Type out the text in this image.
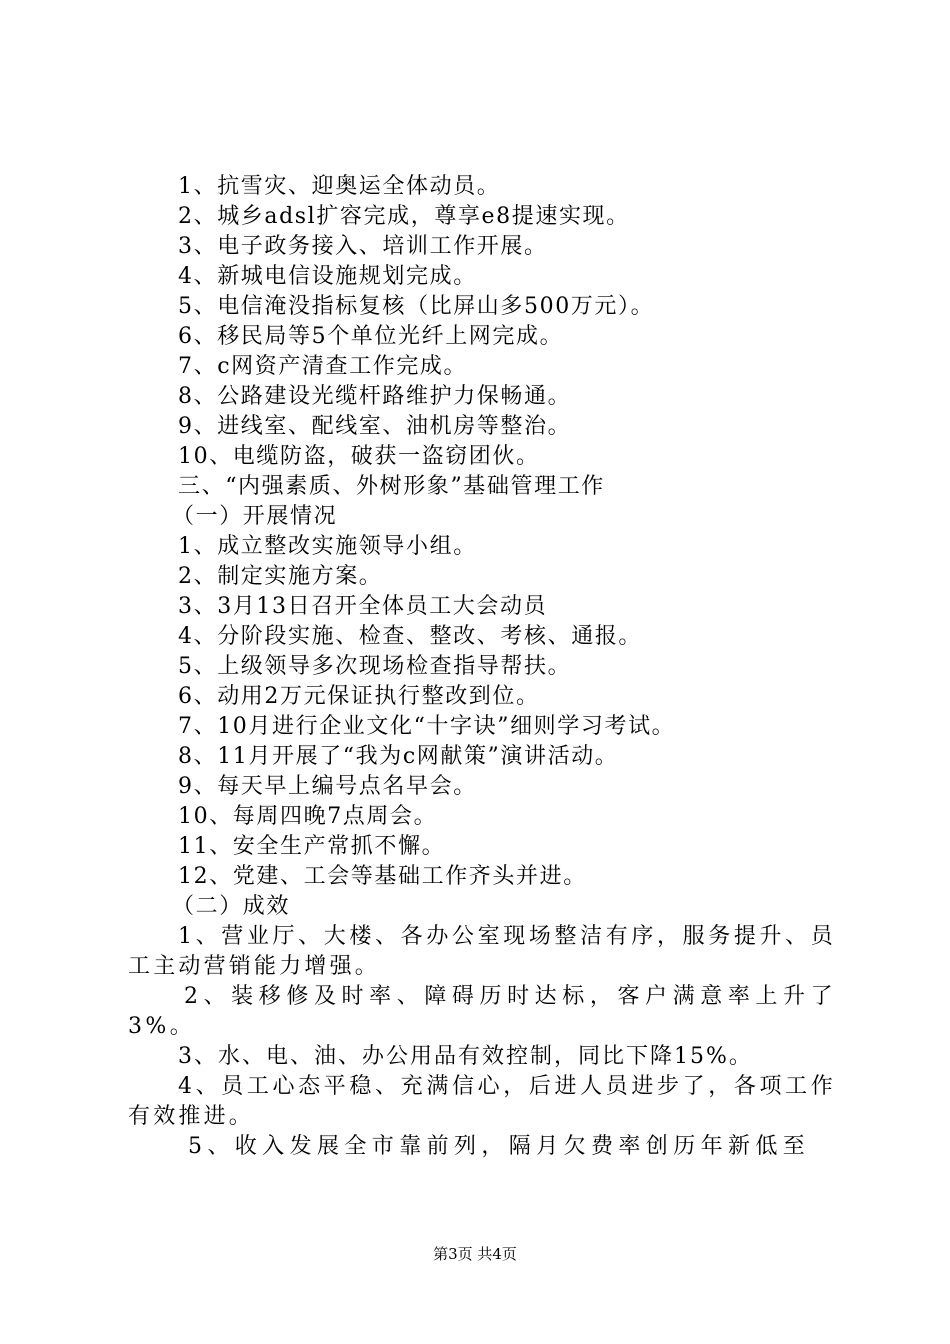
1、抗雪灾、迎奥运全体动员。
2、城乡adsl扩容完成，尊享e8提速实现。
3、电子政务接入、培训工作开展。
4、新城电信设施规划完成。
5、电信淹没指标复核（比屏山多500万元）。
6、移民局等5个单位光纤上网完成。
7、c网资产清查工作完成。
8、公路建设光缆杆路维护力保畅通。
9、进线室、配线室、油机房等整治。
10、电缆防盗，破获一盗窃团伙。
三、“内强素质、外树形象”基础管理工作
（一）开展情况
1、成立整改实施领导小组。
2、制定实施方案。
3、3月13日召开全体员工大会动员
4、分阶段实施、检查、整改、考核、通报。
5、上级领导多次现场检查指导帮扶。
6、动用2万元保证执行整改到位。
7、10月进行企业文化“十字诀”细则学习考试。
8、11月开展了“我为c网献策”演讲活动。
9、每天早上编号点名早会。
10、每周四晚7点周会。
11、安全生产常抓不懈。
12、党建、工会等基础工作齐头并进。
（二）成效
1、营业厅、大楼、各办公室现场整洁有序，服务提升、员工主动营销能力增强。
2、装移修及时率、障碍历时达标，客户满意率上升了3%。
3、水、电、油、办公用品有效控制，同比下降15%。
4、员工心态平稳、充满信心，后进人员进步了，各项工作有效推进。
5、收入发展全市靠前列，隔月欠费率创历年新低至
第3页 共4页
